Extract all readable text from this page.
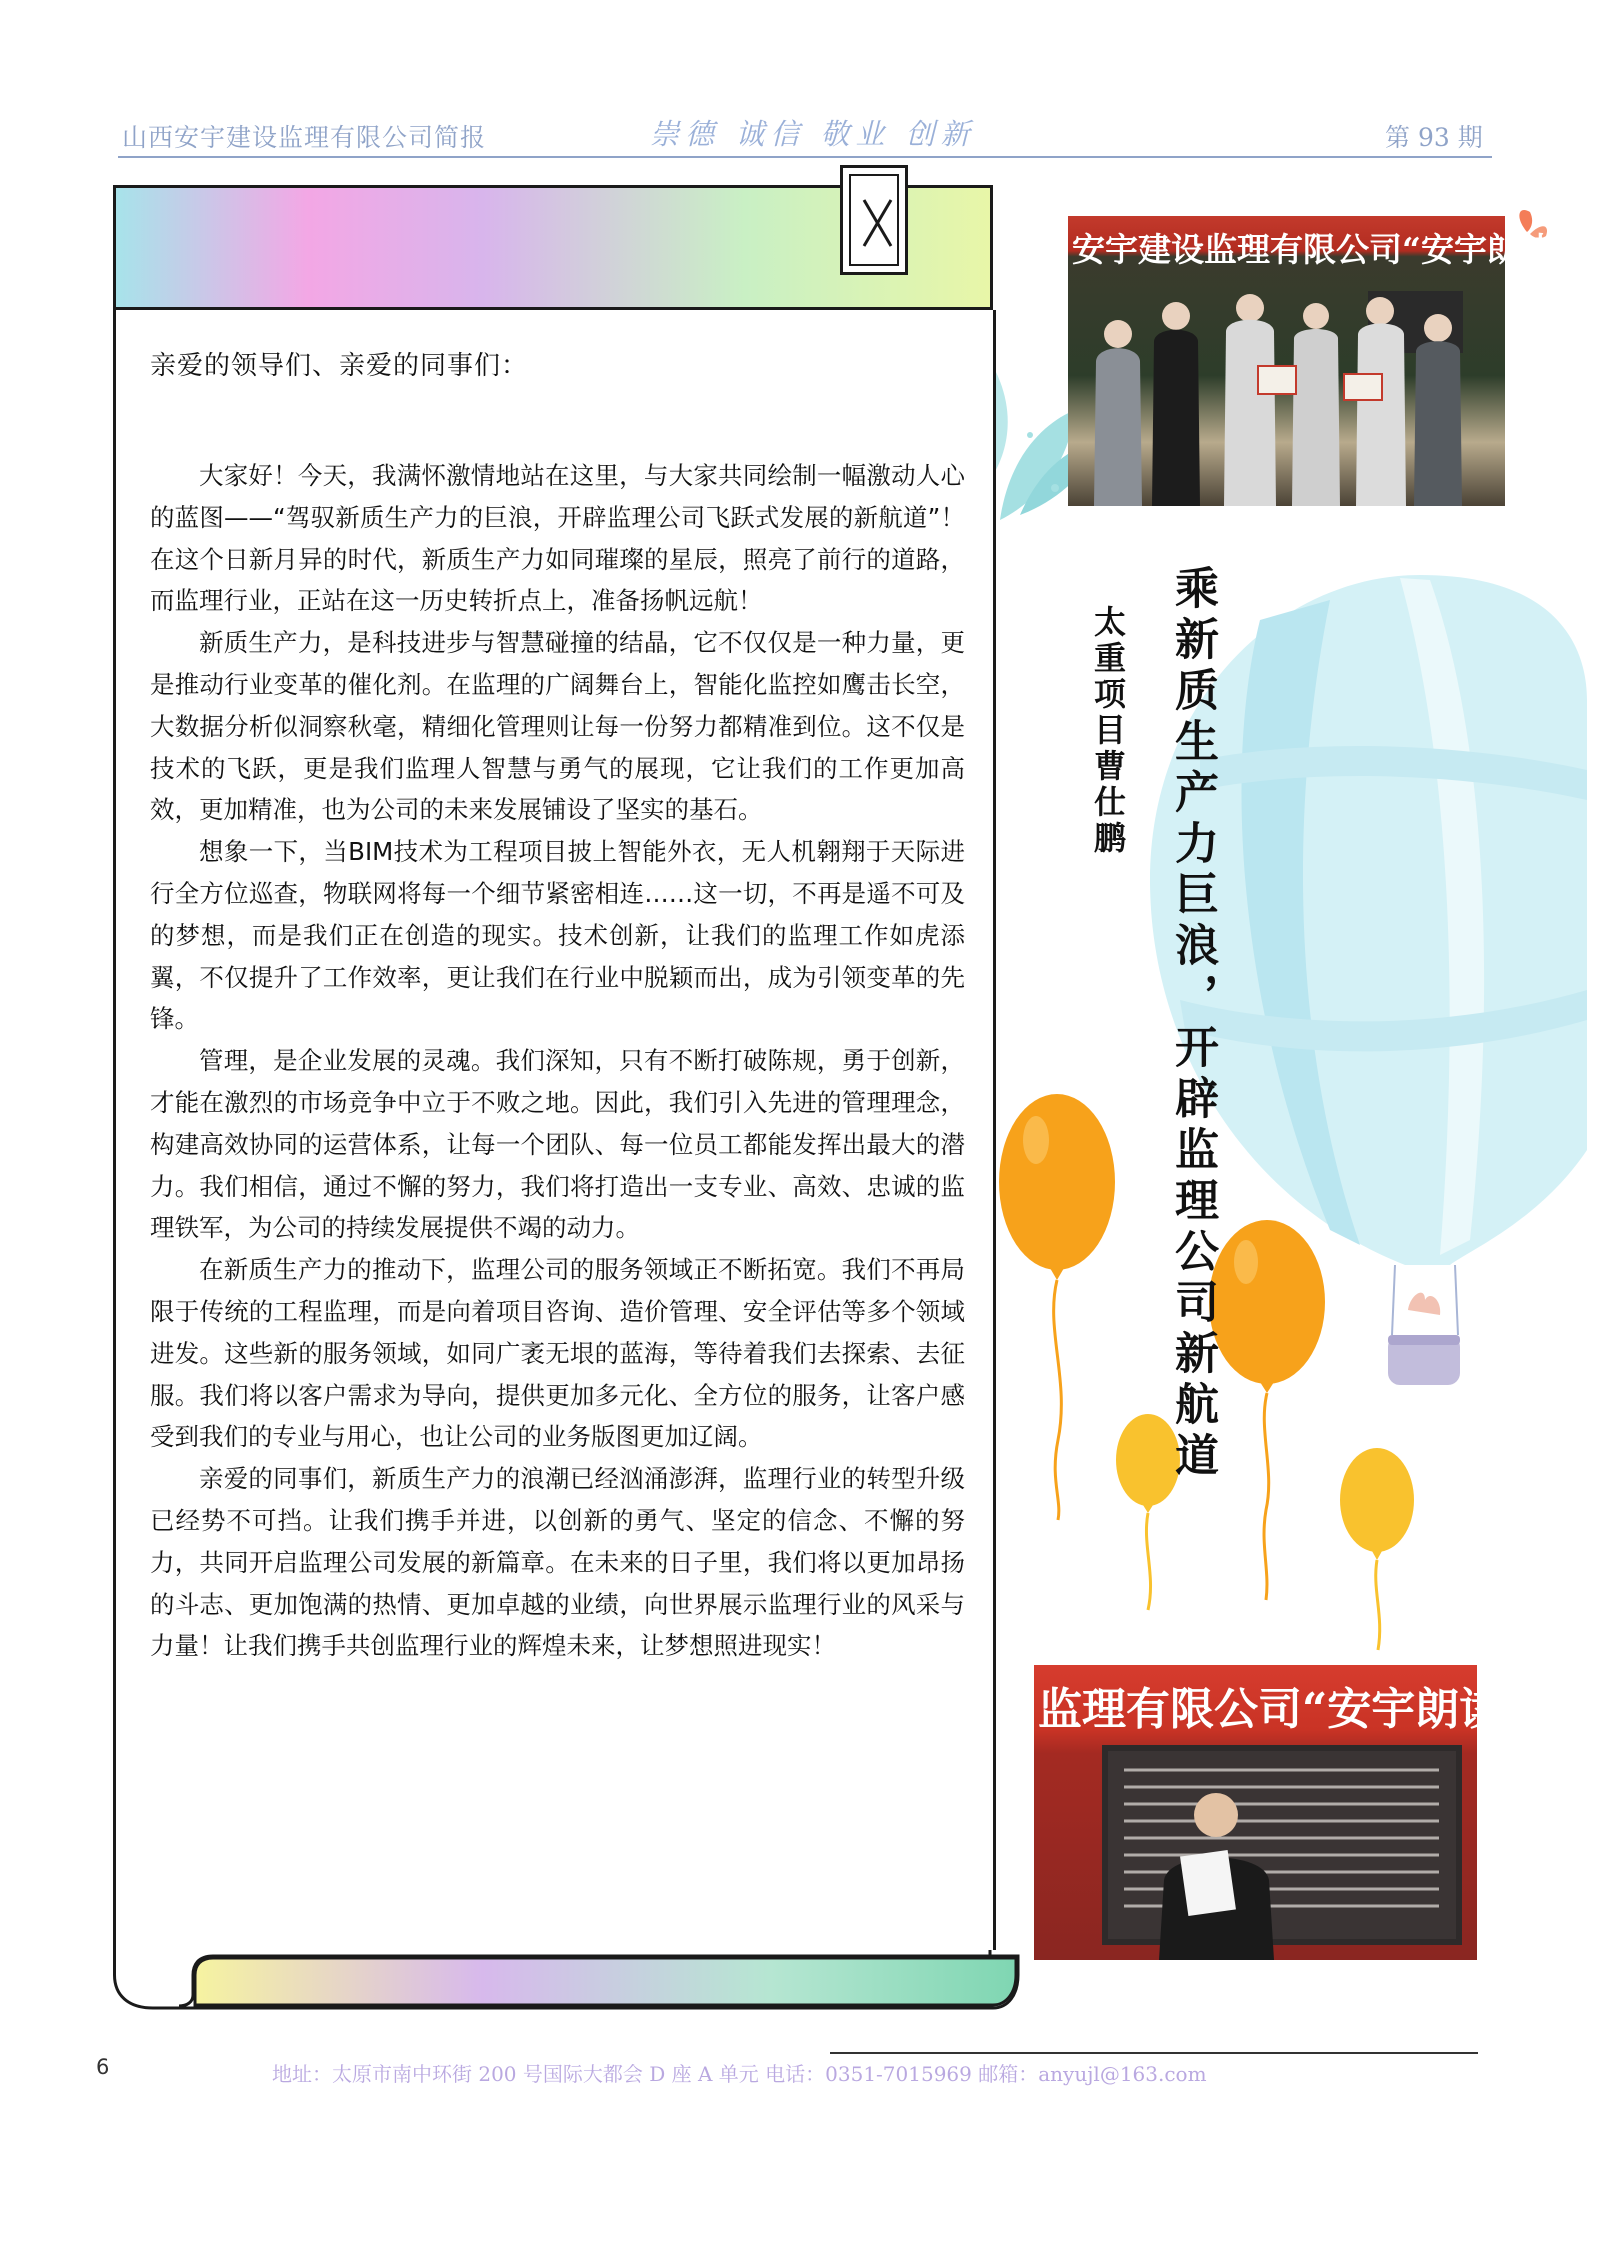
山西安宇建设监理有限公司简报	崇德 诚信 敬业 创新	第 93 期
亲爱的领导们、亲爱的同事们：

大家好！今天，我满怀激情地站在这里，与大家共同绘制一幅激动人心的蓝图——“驾驭新质生产力的巨浪，开辟监理公司飞跃式发展的新航道”！在这个日新月异的时代，新质生产力如同璀璨的星辰，照亮了前行的道路，而监理行业，正站在这一历史转折点上，准备扬帆远航！

新质生产力，是科技进步与智慧碰撞的结晶，它不仅仅是一种力量，更是推动行业变革的催化剂。在监理的广阔舞台上，智能化监控如鹰击长空，大数据分析似洞察秋毫，精细化管理则让每一份努力都精准到位。这不仅是技术的飞跃，更是我们监理人智慧与勇气的展现，它让我们的工作更加高效，更加精准，也为公司的未来发展铺设了坚实的基石。

想象一下，当BIM技术为工程项目披上智能外衣，无人机翱翔于天际进行全方位巡查，物联网将每一个细节紧密相连……这一切，不再是遥不可及的梦想，而是我们正在创造的现实。技术创新，让我们的监理工作如虎添翼，不仅提升了工作效率，更让我们在行业中脱颖而出，成为引领变革的先锋。

管理，是企业发展的灵魂。我们深知，只有不断打破陈规，勇于创新，才能在激烈的市场竞争中立于不败之地。因此，我们引入先进的管理理念，构建高效协同的运营体系，让每一个团队、每一位员工都能发挥出最大的潜力。我们相信，通过不懈的努力，我们将打造出一支专业、高效、忠诚的监理铁军，为公司的持续发展提供不竭的动力。

在新质生产力的推动下，监理公司的服务领域正不断拓宽。我们不再局限于传统的工程监理，而是向着项目咨询、造价管理、安全评估等多个领域进发。这些新的服务领域，如同广袤无垠的蓝海，等待着我们去探索、去征服。我们将以客户需求为导向，提供更加多元化、全方位的服务，让客户感受到我们的专业与用心，也让公司的业务版图更加辽阔。

亲爱的同事们，新质生产力的浪潮已经汹涌澎湃，监理行业的转型升级已经势不可挡。让我们携手并进，以创新的勇气、坚定的信念、不懈的努力，共同开启监理公司发展的新篇章。在未来的日子里，我们将以更加昂扬的斗志、更加饱满的热情、更加卓越的业绩，向世界展示监理行业的风采与力量！让我们携手共创监理行业的辉煌未来，让梦想照进现实！

安宇建设监理有限公司“安宇朗读者”
乘新质生产力巨浪，开辟监理公司新航道
太重项目曹仕鹏
监理有限公司“安宇朗读
6	地址：太原市南中环街 200 号国际大都会 D 座 A 单元 电话：0351-7015969 邮箱：anyujl@163.com
